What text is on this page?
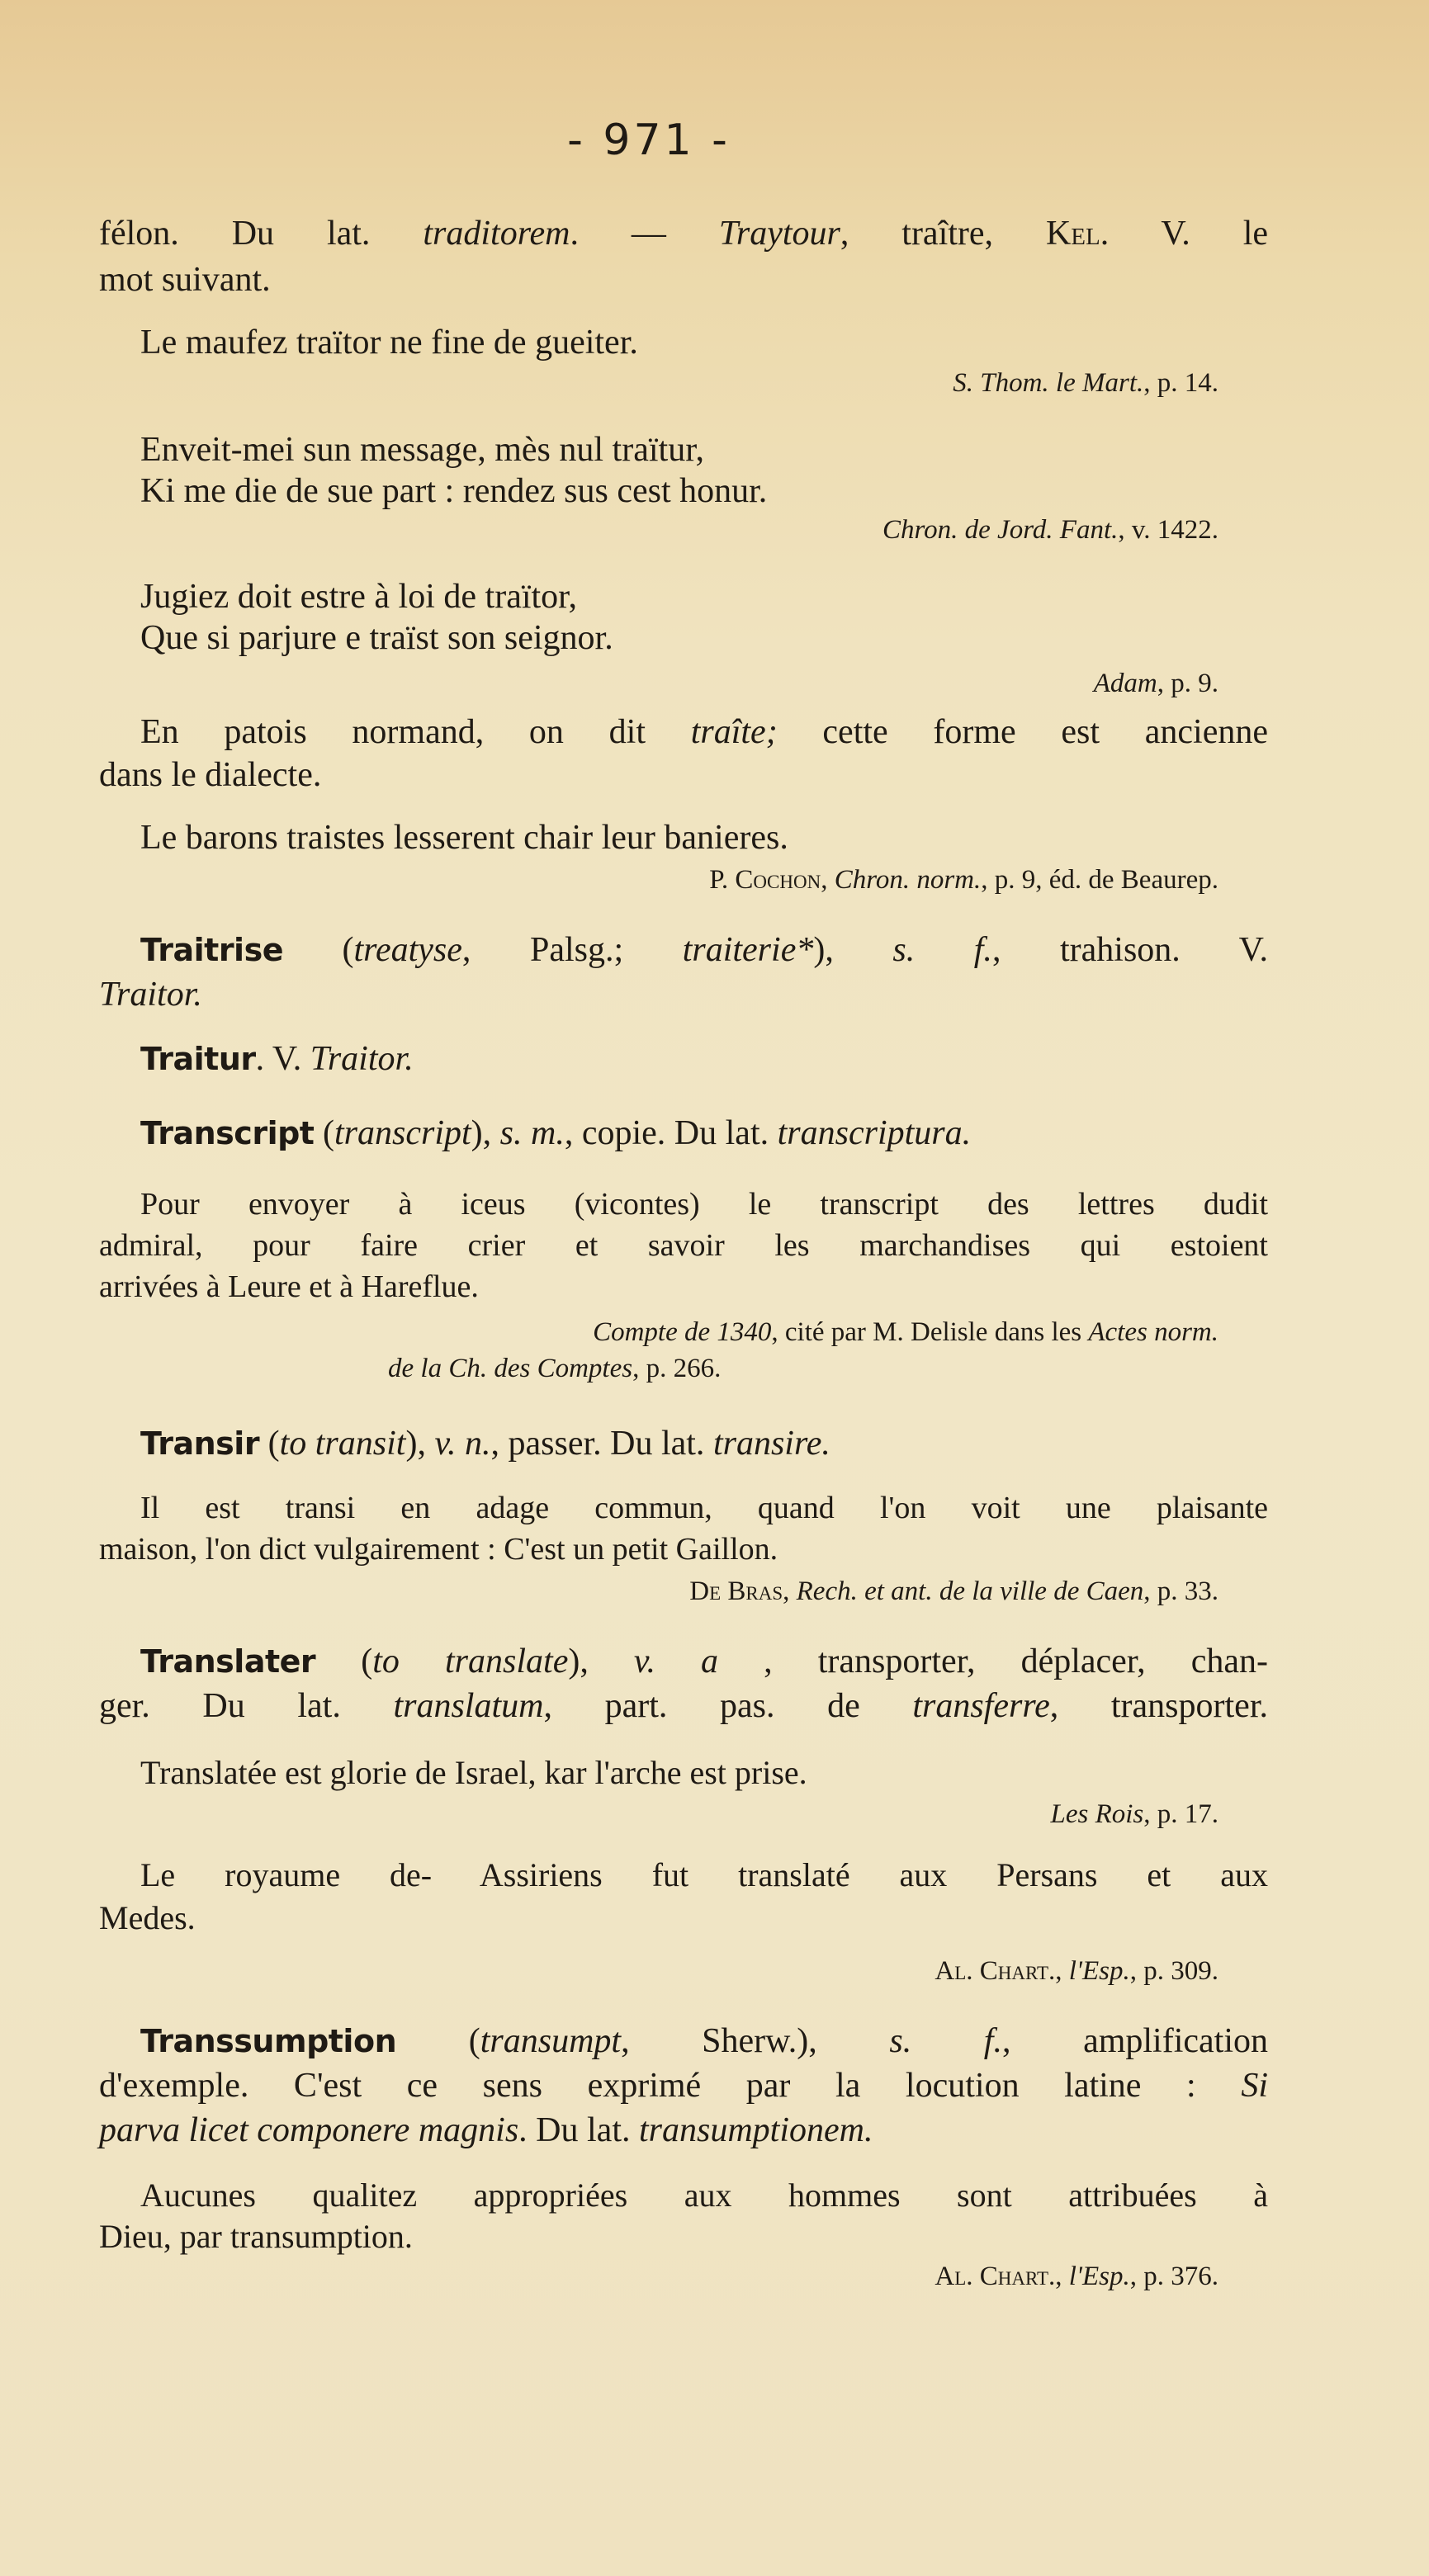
- 971 -
félon. Du lat. traditorem. — Traytour, traître, Kel. V. le
mot suivant.
Le maufez traïtor ne fine de gueiter.
S. Thom. le Mart., p. 14.
Enveit-mei sun message, mès nul traïtur,
Ki me die de sue part : rendez sus cest honur.
Chron. de Jord. Fant., v. 1422.
Jugiez doit estre à loi de traïtor,
Que si parjure e traïst son seignor.
Adam, p. 9.
En patois normand, on dit traîte; cette forme est ancienne
dans le dialecte.
Le barons traistes lesserent chair leur banieres.
P. Cochon, Chron. norm., p. 9, éd. de Beaurep.
Traitrise (treatyse, Palsg.; traiterie*), s. f., trahison. V.
Traitor.
Traitur. V. Traitor.
Transcript (transcript), s. m., copie. Du lat. transcriptura.
Pour envoyer à iceus (vicontes) le transcript des lettres dudit
admiral, pour faire crier et savoir les marchandises qui estoient
arrivées à Leure et à Hareflue.
Compte de 1340, cité par M. Delisle dans les Actes norm.
de la Ch. des Comptes, p. 266.
Transir (to transit), v. n., passer. Du lat. transire.
Il est transi en adage commun, quand l'on voit une plaisante
maison, l'on dict vulgairement : C'est un petit Gaillon.
De Bras, Rech. et ant. de la ville de Caen, p. 33.
Translater (to translate), v. a , transporter, déplacer, chan-
ger. Du lat. translatum, part. pas. de transferre, transporter.
Translatée est glorie de Israel, kar l'arche est prise.
Les Rois, p. 17.
Le royaume de- Assiriens fut translaté aux Persans et aux
Medes.
Al. Chart., l'Esp., p. 309.
Transsumption (transumpt, Sherw.), s. f., amplification
d'exemple. C'est ce sens exprimé par la locution latine : Si
parva licet componere magnis. Du lat. transumptionem.
Aucunes qualitez appropriées aux hommes sont attribuées à
Dieu, par transumption.
Al. Chart., l'Esp., p. 376.
